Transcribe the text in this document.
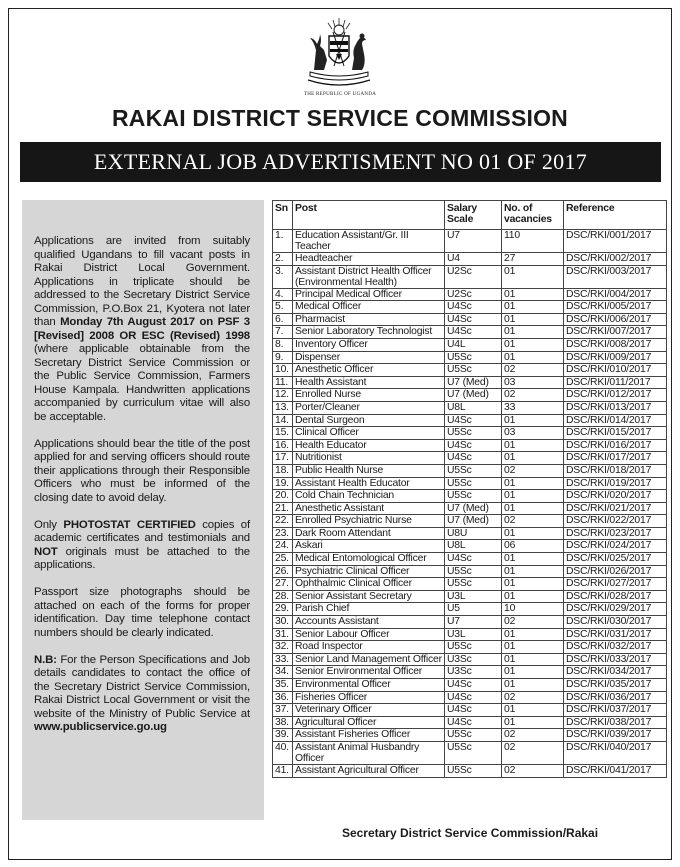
THE REPUBLIC OF UGANDA
RAKAI DISTRICT SERVICE COMMISSION
EXTERNAL JOB ADVERTISMENT NO 01 OF 2017

Applications are invited from suitably qualified Ugandans to fill vacant posts in Rakai District Local Government. Applications in triplicate should be addressed to the Secretary District Service Commission, P.O.Box 21, Kyotera not later than Monday 7th August 2017 on PSF 3 [Revised] 2008 OR ESC (Revised) 1998 (where applicable obtainable from the Secretary District Service Commission or the Public Service Commission, Farmers House Kampala. Handwritten applications accompanied by curriculum vitae will also be acceptable.

Applications should bear the title of the post applied for and serving officers should route their applications through their Responsible Officers who must be informed of the closing date to avoid delay.

Only PHOTOSTAT CERTIFIED copies of academic certificates and testimonials and NOT originals must be attached to the applications.

Passport size photographs should be attached on each of the forms for proper identification. Day time telephone contact numbers should be clearly indicated.

N.B: For the Person Specifications and Job details candidates to contact the office of the Secretary District Service Commission, Rakai District Local Government or visit the website of the Ministry of Public Service at www.publicservice.go.ug

Sn	Post	Salary Scale	No. of vacancies	Reference
1.	Education Assistant/Gr. III Teacher	U7	110	DSC/RKI/001/2017
2.	Headteacher	U4	27	DSC/RKI/002/2017
3.	Assistant District Health Officer (Environmental Health)	U2Sc	01	DSC/RKI/003/2017
4.	Principal Medical Officer	U2Sc	01	DSC/RKI/004/2017
5.	Medical Officer	U4Sc	01	DSC/RKI/005/2017
6.	Pharmacist	U4Sc	01	DSC/RKI/006/2017
7.	Senior Laboratory Technologist	U4Sc	01	DSC/RKI/007/2017
8.	Inventory Officer	U4L	01	DSC/RKI/008/2017
9.	Dispenser	U5Sc	01	DSC/RKI/009/2017
10.	Anesthetic Officer	U5Sc	02	DSC/RKI/010/2017
11.	Health Assistant	U7 (Med)	03	DSC/RKI/011/2017
12.	Enrolled Nurse	U7 (Med)	02	DSC/RKI/012/2017
13.	Porter/Cleaner	U8L	33	DSC/RKI/013/2017
14.	Dental Surgeon	U4Sc	01	DSC/RKI/014/2017
15.	Clinical Officer	U5Sc	03	DSC/RKI/015/2017
16.	Health Educator	U4Sc	01	DSC/RKI/016/2017
17.	Nutritionist	U4Sc	01	DSC/RKI/017/2017
18.	Public Health Nurse	U5Sc	02	DSC/RKI/018/2017
19.	Assistant Health Educator	U5Sc	01	DSC/RKI/019/2017
20.	Cold Chain Technician	U5Sc	01	DSC/RKI/020/2017
21.	Anesthetic Assistant	U7 (Med)	01	DSC/RKI/021/2017
22.	Enrolled Psychiatric Nurse	U7 (Med)	02	DSC/RKI/022/2017
23.	Dark Room Attendant	U8U	01	DSC/RKI/023/2017
24.	Askari	U8L	06	DSC/RKI/024/2017
25.	Medical Entomological Officer	U4Sc	01	DSC/RKI/025/2017
26.	Psychiatric Clinical Officer	U5Sc	01	DSC/RKI/026/2017
27.	Ophthalmic Clinical Officer	U5Sc	01	DSC/RKI/027/2017
28.	Senior Assistant Secretary	U3L	01	DSC/RKI/028/2017
29.	Parish Chief	U5	10	DSC/RKI/029/2017
30.	Accounts Assistant	U7	02	DSC/RKI/030/2017
31.	Senior Labour Officer	U3L	01	DSC/RKI/031/2017
32.	Road Inspector	U5Sc	01	DSC/RKI/032/2017
33.	Senior Land Management Officer	U3Sc	01	DSC/RKI/033/2017
34.	Senior Environmental Officer	U3Sc	01	DSC/RKI/034/2017
35.	Environmental Officer	U4Sc	01	DSC/RKI/035/2017
36.	Fisheries Officer	U4Sc	02	DSC/RKI/036/2017
37.	Veterinary Officer	U4Sc	01	DSC/RKI/037/2017
38.	Agricultural Officer	U4Sc	01	DSC/RKI/038/2017
39.	Assistant Fisheries Officer	U5Sc	02	DSC/RKI/039/2017
40.	Assistant Animal Husbandry Officer	U5Sc	02	DSC/RKI/040/2017
41.	Assistant Agricultural Officer	U5Sc	02	DSC/RKI/041/2017
Secretary District Service Commission/Rakai
